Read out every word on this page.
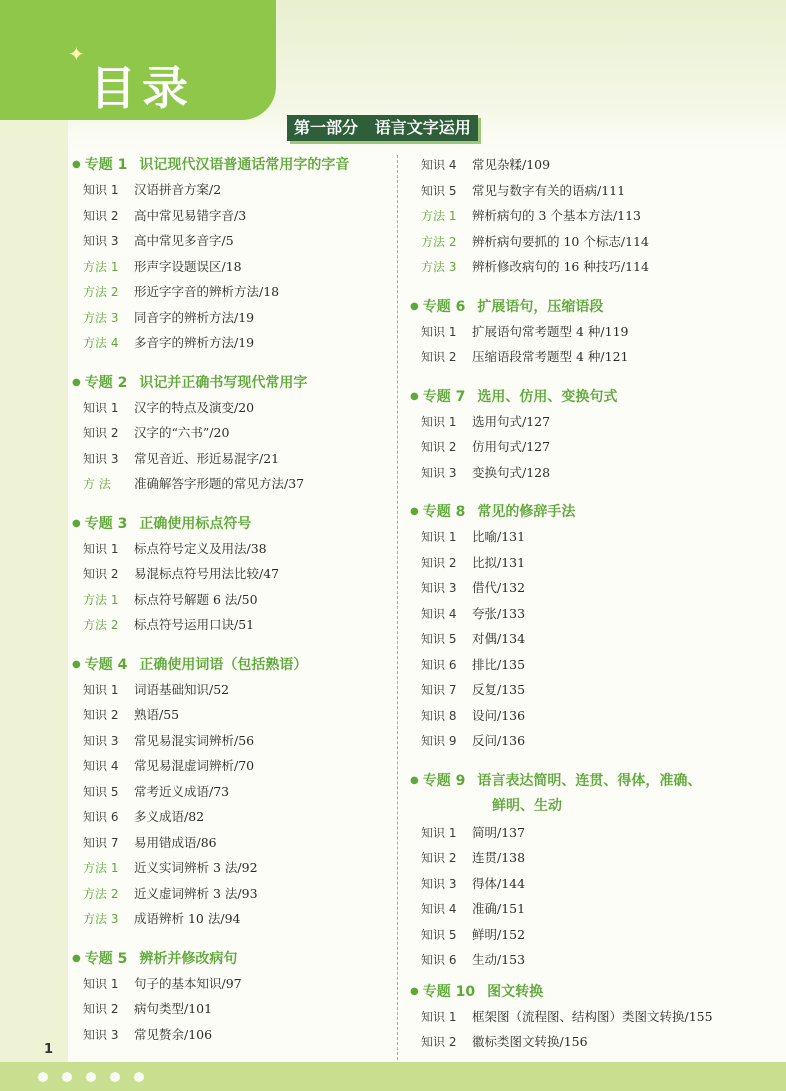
✦
目录
第一部分   语言文字运用
● 专题 1 识记现代汉语普通话常用字的字音
知识 1 汉语拼音方案/2
知识 2 高中常见易错字音/3
知识 3 高中常见多音字/5
方法 1 形声字设题误区/18
方法 2 形近字字音的辨析方法/18
方法 3 同音字的辨析方法/19
方法 4 多音字的辨析方法/19
● 专题 2 识记并正确书写现代常用字
知识 1 汉字的特点及演变/20
知识 2 汉字的“六书”/20
知识 3 常见音近、形近易混字/21
方 法 准确解答字形题的常见方法/37
● 专题 3 正确使用标点符号
知识 1 标点符号定义及用法/38
知识 2 易混标点符号用法比较/47
方法 1 标点符号解题 6 法/50
方法 2 标点符号运用口诀/51
● 专题 4 正确使用词语（包括熟语）
知识 1 词语基础知识/52
知识 2 熟语/55
知识 3 常见易混实词辨析/56
知识 4 常见易混虚词辨析/70
知识 5 常考近义成语/73
知识 6 多义成语/82
知识 7 易用错成语/86
方法 1 近义实词辨析 3 法/92
方法 2 近义虚词辨析 3 法/93
方法 3 成语辨析 10 法/94
● 专题 5 辨析并修改病句
知识 1 句子的基本知识/97
知识 2 病句类型/101
知识 3 常见赘余/106
知识 4 常见杂糅/109
知识 5 常见与数字有关的语病/111
方法 1 辨析病句的 3 个基本方法/113
方法 2 辨析病句要抓的 10 个标志/114
方法 3 辨析修改病句的 16 种技巧/114
● 专题 6 扩展语句，压缩语段
知识 1 扩展语句常考题型 4 种/119
知识 2 压缩语段常考题型 4 种/121
● 专题 7 选用、仿用、变换句式
知识 1 选用句式/127
知识 2 仿用句式/127
知识 3 变换句式/128
● 专题 8 常见的修辞手法
知识 1 比喻/131
知识 2 比拟/131
知识 3 借代/132
知识 4 夸张/133
知识 5 对偶/134
知识 6 排比/135
知识 7 反复/135
知识 8 设问/136
知识 9 反问/136
● 专题 9 语言表达简明、连贯、得体，准确、
鲜明、生动
知识 1 简明/137
知识 2 连贯/138
知识 3 得体/144
知识 4 准确/151
知识 5 鲜明/152
知识 6 生动/153
● 专题 10 图文转换
知识 1 框架图（流程图、结构图）类图文转换/155
知识 2 徽标类图文转换/156
1
